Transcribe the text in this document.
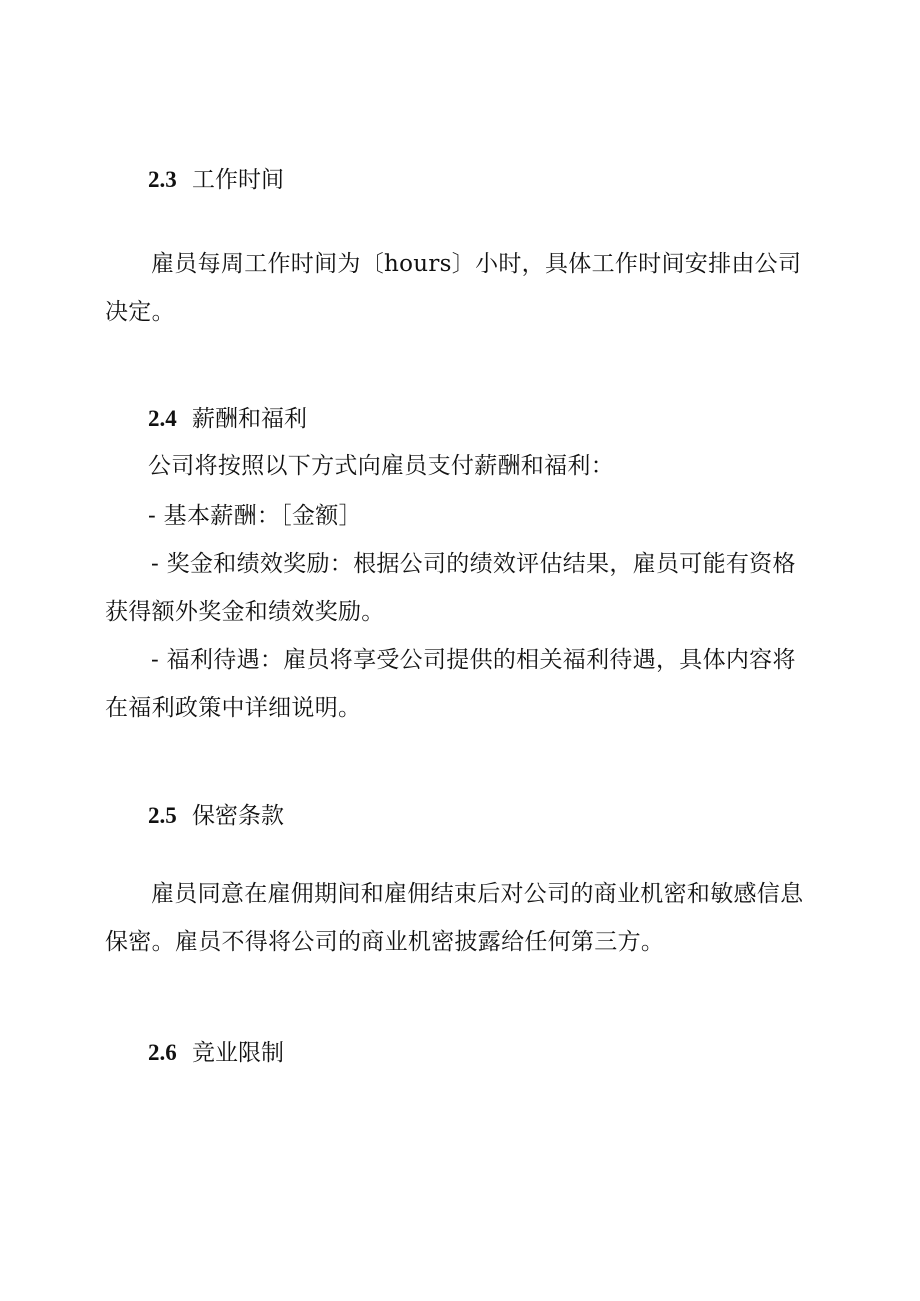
2.3 工作时间

雇员每周工作时间为〔hours〕小时，具体工作时间安排由公司决定。

2.4 薪酬和福利
公司将按照以下方式向雇员支付薪酬和福利：
- 基本薪酬：［金额］

- 奖金和绩效奖励：根据公司的绩效评估结果，雇员可能有资格获得额外奖金和绩效奖励。

- 福利待遇：雇员将享受公司提供的相关福利待遇，具体内容将在福利政策中详细说明。

2.5 保密条款

雇员同意在雇佣期间和雇佣结束后对公司的商业机密和敏感信息保密。雇员不得将公司的商业机密披露给任何第三方。

2.6 竞业限制
